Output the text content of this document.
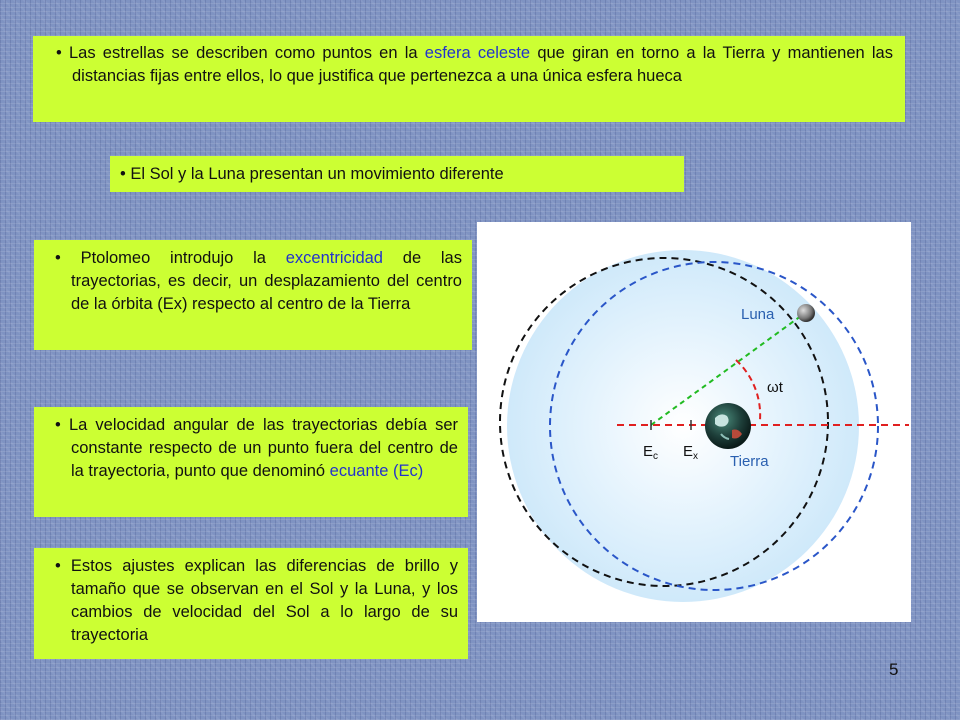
• Las estrellas se describen como puntos en la esfera celeste que giran en torno a la Tierra y mantienen las distancias fijas entre ellos, lo que justifica que pertenezca a una única esfera hueca
• El Sol y la Luna presentan un movimiento diferente
• Ptolomeo introdujo la excentricidad de las trayectorias, es decir, un desplazamiento del centro de la órbita (Ex) respecto al centro de la Tierra
• La velocidad angular de las trayectorias debía ser constante respecto de un punto fuera del centro de la trayectoria, punto que denominó ecuante (Ec)
• Estos ajustes explican las diferencias de brillo y tamaño que se observan en el Sol y la Luna, y los cambios de velocidad del Sol a lo largo de su trayectoria
Luna
Tierra
ωt
$E_c$ $E_x$
5
